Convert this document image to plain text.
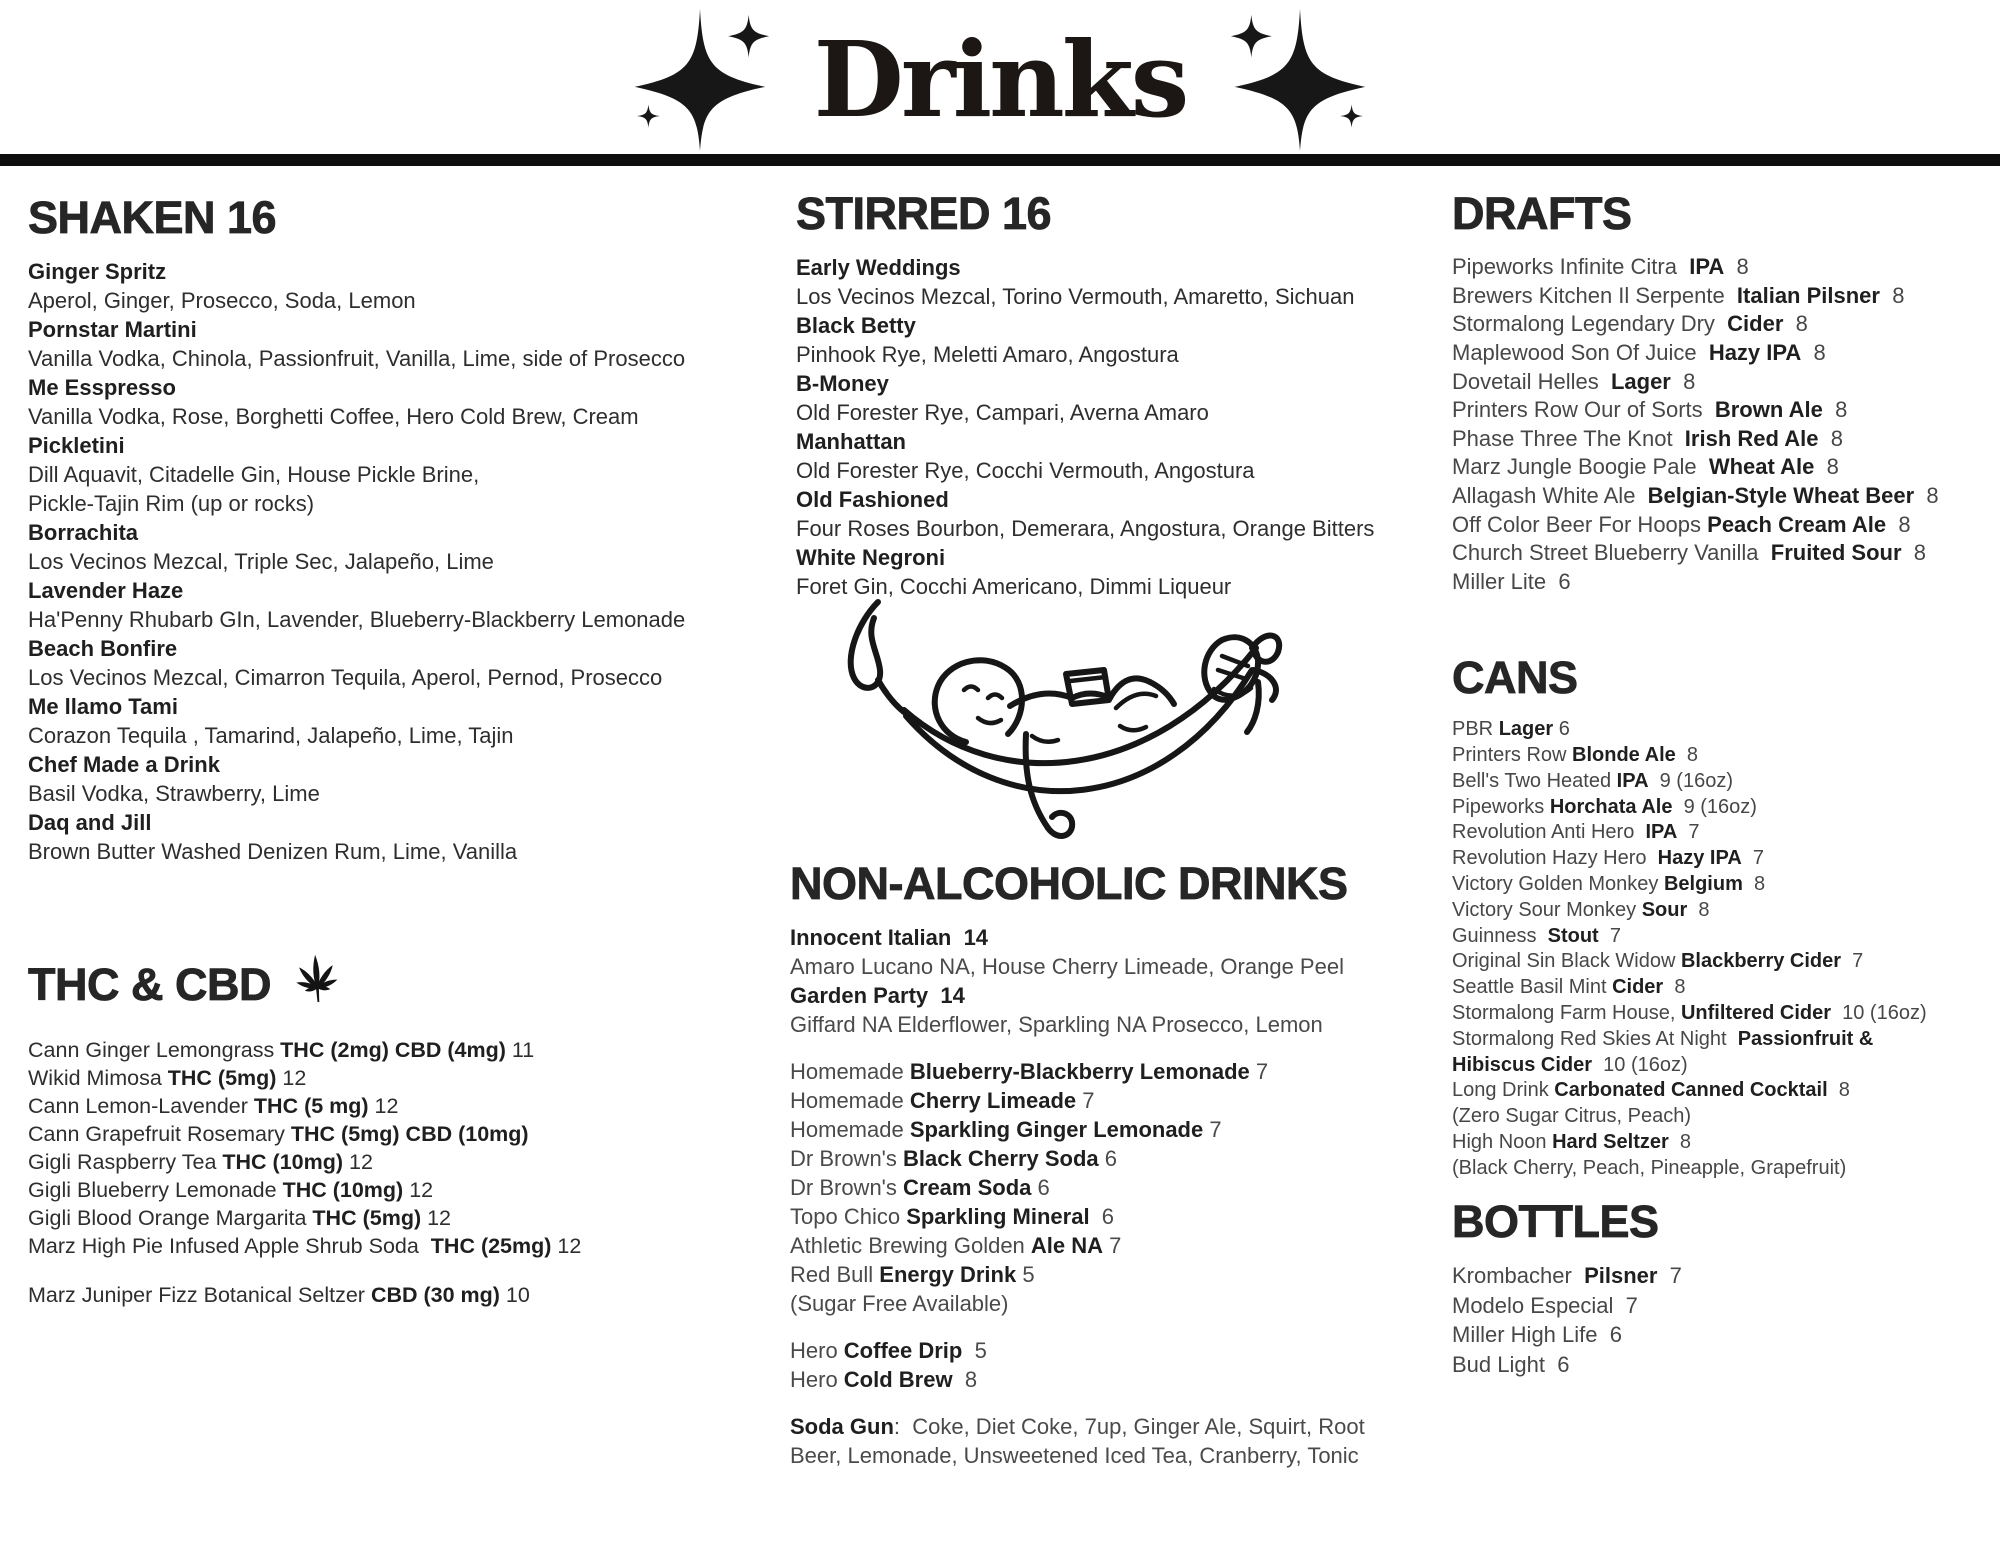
Drinks
SHAKEN 16

Ginger Spritz

Aperol, Ginger, Prosecco, Soda, Lemon

Pornstar Martini

Vanilla Vodka, Chinola, Passionfruit, Vanilla, Lime, side of Prosecco

Me Esspresso

Vanilla Vodka, Rose, Borghetti Coffee, Hero Cold Brew, Cream

Pickletini

Dill Aquavit, Citadelle Gin, House Pickle Brine,

Pickle-Tajin Rim (up or rocks)

Borrachita

Los Vecinos Mezcal, Triple Sec, Jalapeño, Lime

Lavender Haze

Ha'Penny Rhubarb GIn, Lavender, Blueberry-Blackberry Lemonade

Beach Bonfire

Los Vecinos Mezcal, Cimarron Tequila, Aperol, Pernod, Prosecco

Me llamo Tami

Corazon Tequila , Tamarind, Jalapeño, Lime, Tajin

Chef Made a Drink

Basil Vodka, Strawberry, Lime

Daq and Jill

Brown Butter Washed Denizen Rum, Lime, Vanilla

THC & CBD

Cann Ginger Lemongrass THC (2mg) CBD (4mg) 11

Wikid Mimosa THC (5mg) 12

Cann Lemon-Lavender THC (5 mg) 12

Cann Grapefruit Rosemary THC (5mg) CBD (10mg)

Gigli Raspberry Tea THC (10mg) 12

Gigli Blueberry Lemonade THC (10mg) 12

Gigli Blood Orange Margarita THC (5mg) 12

Marz High Pie Infused Apple Shrub Soda  THC (25mg) 12

Marz Juniper Fizz Botanical Seltzer CBD (30 mg) 10

STIRRED 16

Early Weddings

Los Vecinos Mezcal, Torino Vermouth, Amaretto, Sichuan

Black Betty

Pinhook Rye, Meletti Amaro, Angostura

B-Money

Old Forester Rye, Campari, Averna Amaro

Manhattan

Old Forester Rye, Cocchi Vermouth, Angostura

Old Fashioned

Four Roses Bourbon, Demerara, Angostura, Orange Bitters

White Negroni

Foret Gin, Cocchi Americano, Dimmi Liqueur

NON-ALCOHOLIC DRINKS

Innocent Italian  14

Amaro Lucano NA, House Cherry Limeade, Orange Peel

Garden Party  14

Giffard NA Elderflower, Sparkling NA Prosecco, Lemon

Homemade Blueberry-Blackberry Lemonade 7

Homemade Cherry Limeade 7

Homemade Sparkling Ginger Lemonade 7

Dr Brown's Black Cherry Soda 6

Dr Brown's Cream Soda 6

Topo Chico Sparkling Mineral  6

Athletic Brewing Golden Ale NA 7

Red Bull Energy Drink 5

(Sugar Free Available)

Hero Coffee Drip  5

Hero Cold Brew  8

Soda Gun:  Coke, Diet Coke, 7up, Ginger Ale, Squirt, Root

Beer, Lemonade, Unsweetened Iced Tea, Cranberry, Tonic

DRAFTS

Pipeworks Infinite Citra  IPA  8

Brewers Kitchen Il Serpente  Italian Pilsner  8

Stormalong Legendary Dry  Cider  8

Maplewood Son Of Juice  Hazy IPA  8

Dovetail Helles  Lager  8

Printers Row Our of Sorts  Brown Ale  8

Phase Three The Knot  Irish Red Ale  8

Marz Jungle Boogie Pale  Wheat Ale  8

Allagash White Ale  Belgian-Style Wheat Beer  8

Off Color Beer For Hoops Peach Cream Ale  8

Church Street Blueberry Vanilla  Fruited Sour  8

Miller Lite  6

CANS

PBR Lager 6

Printers Row Blonde Ale  8

Bell's Two Heated IPA  9 (16oz)

Pipeworks Horchata Ale  9 (16oz)

Revolution Anti Hero  IPA  7

Revolution Hazy Hero  Hazy IPA  7

Victory Golden Monkey Belgium  8

Victory Sour Monkey Sour  8

Guinness  Stout  7

Original Sin Black Widow Blackberry Cider  7

Seattle Basil Mint Cider  8

Stormalong Farm House, Unfiltered Cider  10 (16oz)

Stormalong Red Skies At Night  Passionfruit &

Hibiscus Cider  10 (16oz)

Long Drink Carbonated Canned Cocktail  8

(Zero Sugar Citrus, Peach)

High Noon Hard Seltzer  8

(Black Cherry, Peach, Pineapple, Grapefruit)

BOTTLES

Krombacher  Pilsner  7

Modelo Especial  7

Miller High Life  6

Bud Light  6
